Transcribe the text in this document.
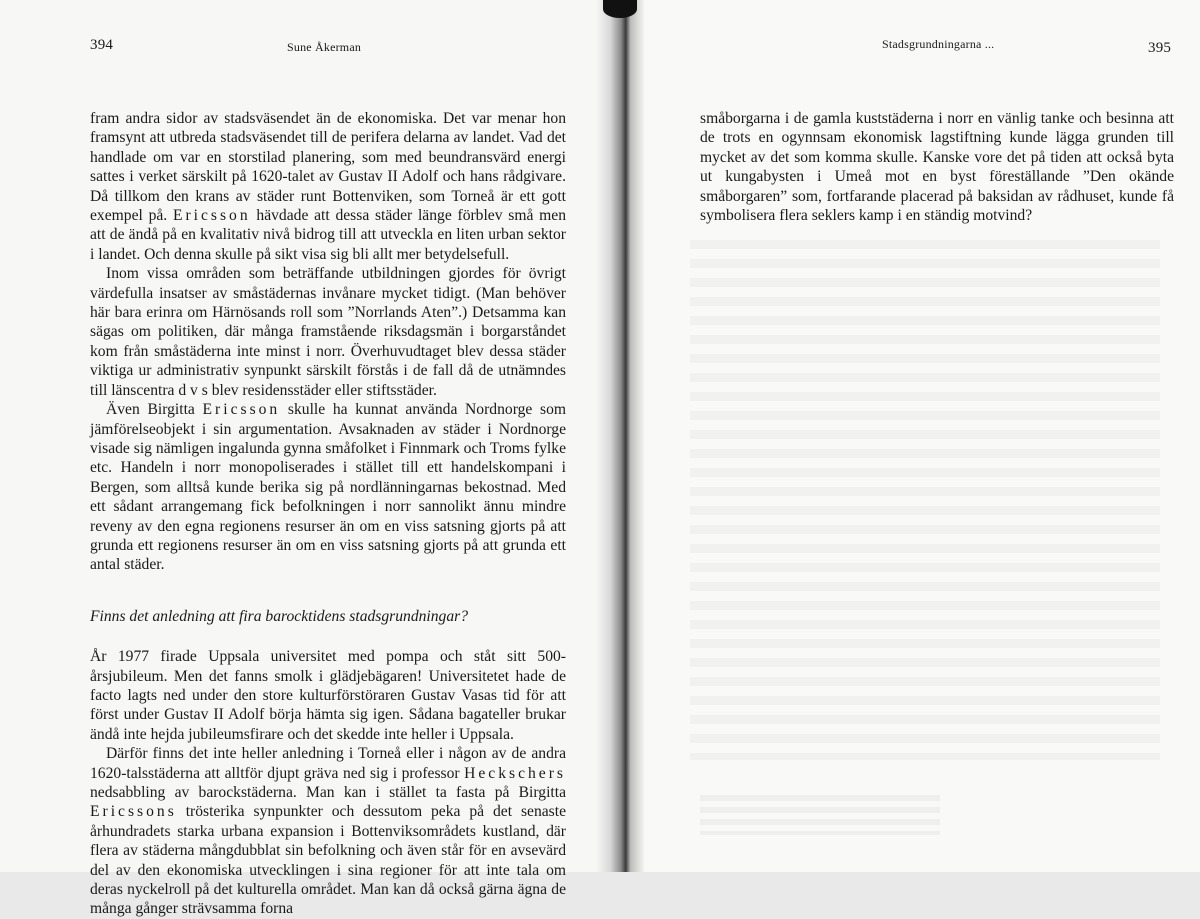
394	Sune Åkerman

fram andra sidor av stadsväsendet än de ekonomiska. Det var menar hon framsynt att utbreda stadsväsendet till de perifera delarna av landet. Vad det handlade om var en storstilad planering, som med beundransvärd energi sattes i verket särskilt på 1620-talet av Gustav II Adolf och hans rådgivare. Då tillkom den krans av städer runt Bottenviken, som Torneå är ett gott exempel på. Ericsson hävdade att dessa städer länge förblev små men att de ändå på en kvalitativ nivå bidrog till att utveckla en liten urban sektor i landet. Och denna skulle på sikt visa sig bli allt mer betydelsefull.

Inom vissa områden som beträffande utbildningen gjordes för övrigt värdefulla insatser av småstädernas invånare mycket tidigt. (Man behöver här bara erinra om Härnösands roll som ”Norrlands Aten”.) Detsamma kan sägas om politiken, där många framstående riksdagsmän i borgarståndet kom från småstäderna inte minst i norr. Överhuvudtaget blev dessa städer viktiga ur administrativ synpunkt särskilt förstås i de fall då de utnämndes till länscentra d v s blev residensstäder eller stiftsstäder.

Även Birgitta Ericsson skulle ha kunnat använda Nordnorge som jämförelseobjekt i sin argumentation. Avsaknaden av städer i Nordnorge visade sig nämligen ingalunda gynna småfolket i Finnmark och Troms fylke etc. Handeln i norr monopoliserades i stället till ett handelskompani i Bergen, som alltså kunde berika sig på nordlänningarnas bekostnad. Med ett sådant arrangemang fick befolkningen i norr sannolikt ännu mindre reveny av den egna regionens resurser än om en viss satsning gjorts på att grunda ett regionens resurser än om en viss satsning gjorts på att grunda ett antal städer.

Finns det anledning att fira barocktidens stadsgrundningar?

År 1977 firade Uppsala universitet med pompa och ståt sitt 500-årsjubileum. Men det fanns smolk i glädjebägaren! Universitetet hade de facto lagts ned under den store kulturförstöraren Gustav Vasas tid för att först under Gustav II Adolf börja hämta sig igen. Sådana bagateller brukar ändå inte hejda jubileumsfirare och det skedde inte heller i Uppsala.

Därför finns det inte heller anledning i Torneå eller i någon av de andra 1620-talsstäderna att alltför djupt gräva ned sig i professor Heckschers nedsabbling av barockstäderna. Man kan i stället ta fasta på Birgitta Ericssons trösterika synpunkter och dessutom peka på det senaste århundradets starka urbana expansion i Bottenviksområdets kustland, där flera av städerna mångdubblat sin befolkning och även står för en avsevärd del av den ekonomiska utvecklingen i sina regioner för att inte tala om deras nyckelroll på det kulturella området. Man kan då också gärna ägna de många gånger strävsamma forna

Stadsgrundningarna ...	395

småborgarna i de gamla kuststäderna i norr en vänlig tanke och besinna att de trots en ogynnsam ekonomisk lagstiftning kunde lägga grunden till mycket av det som komma skulle. Kanske vore det på tiden att också byta ut kungabysten i Umeå mot en byst föreställande ”Den okände småborgaren” som, fortfarande placerad på baksidan av rådhuset, kunde få symbolisera flera seklers kamp i en ständig motvind?
